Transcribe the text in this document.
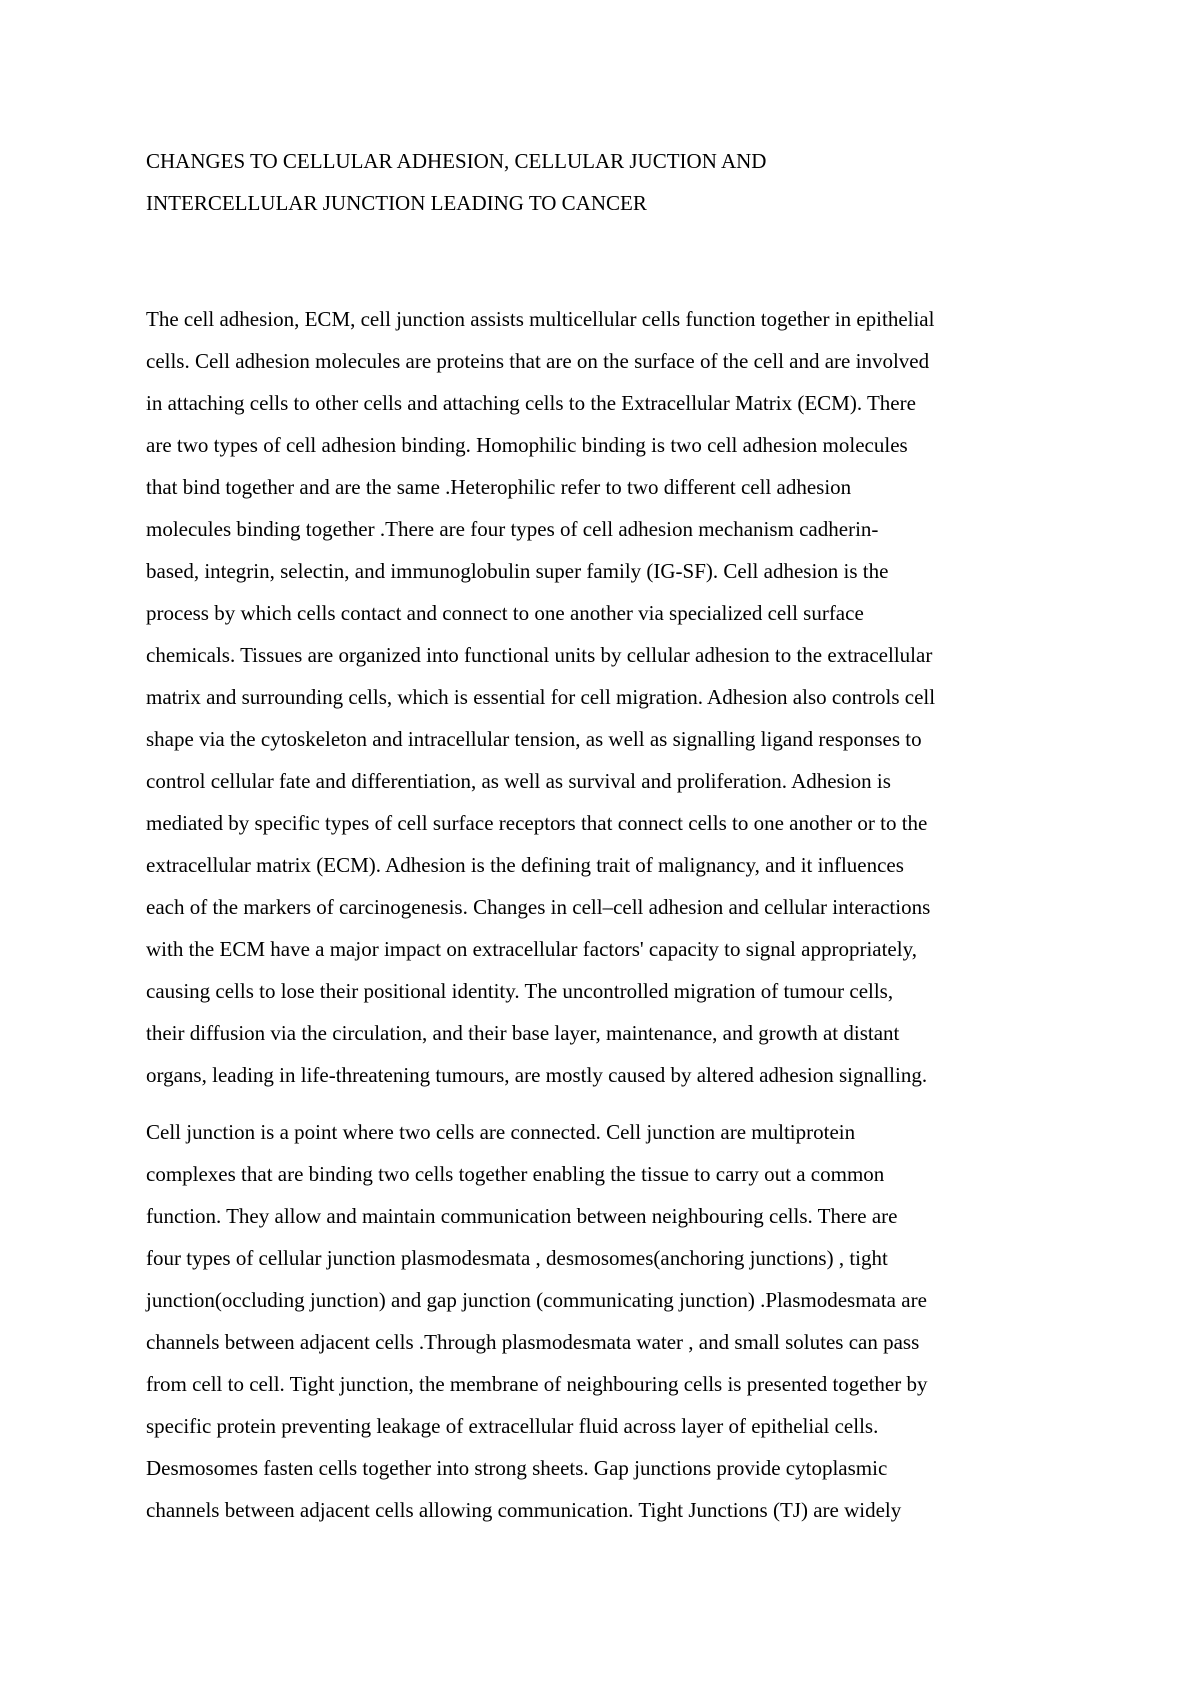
CHANGES TO CELLULAR ADHESION, CELLULAR JUCTION AND
INTERCELLULAR JUNCTION LEADING TO CANCER
The cell adhesion, ECM, cell junction assists multicellular cells function together in epithelial
cells. Cell adhesion molecules are proteins that are on the surface of the cell and are involved
in attaching cells to other cells and attaching cells to the Extracellular Matrix (ECM). There
are two types of cell adhesion binding. Homophilic binding is two cell adhesion molecules
that bind together and are the same .Heterophilic refer to two different cell adhesion
molecules binding together .There are four types of cell adhesion mechanism cadherin-
based, integrin, selectin, and immunoglobulin super family (IG-SF). Cell adhesion is the
process by which cells contact and connect to one another via specialized cell surface
chemicals. Tissues are organized into functional units by cellular adhesion to the extracellular
matrix and surrounding cells, which is essential for cell migration. Adhesion also controls cell
shape via the cytoskeleton and intracellular tension, as well as signalling ligand responses to
control cellular fate and differentiation, as well as survival and proliferation. Adhesion is
mediated by specific types of cell surface receptors that connect cells to one another or to the
extracellular matrix (ECM). Adhesion is the defining trait of malignancy, and it influences
each of the markers of carcinogenesis. Changes in cell–cell adhesion and cellular interactions
with the ECM have a major impact on extracellular factors' capacity to signal appropriately,
causing cells to lose their positional identity. The uncontrolled migration of tumour cells,
their diffusion via the circulation, and their base layer, maintenance, and growth at distant
organs, leading in life-threatening tumours, are mostly caused by altered adhesion signalling.
Cell junction is a point where two cells are connected. Cell junction are multiprotein
complexes that are binding two cells together enabling the tissue to carry out a common
function. They allow and maintain communication between neighbouring cells. There are
four types of cellular junction plasmodesmata , desmosomes(anchoring junctions) , tight
junction(occluding junction) and gap junction (communicating junction) .Plasmodesmata are
channels between adjacent cells .Through plasmodesmata water , and small solutes can pass
from cell to cell. Tight junction, the membrane of neighbouring cells is presented together by
specific protein preventing leakage of extracellular fluid across layer of epithelial cells.
Desmosomes fasten cells together into strong sheets. Gap junctions provide cytoplasmic
channels between adjacent cells allowing communication. Tight Junctions (TJ) are widely
